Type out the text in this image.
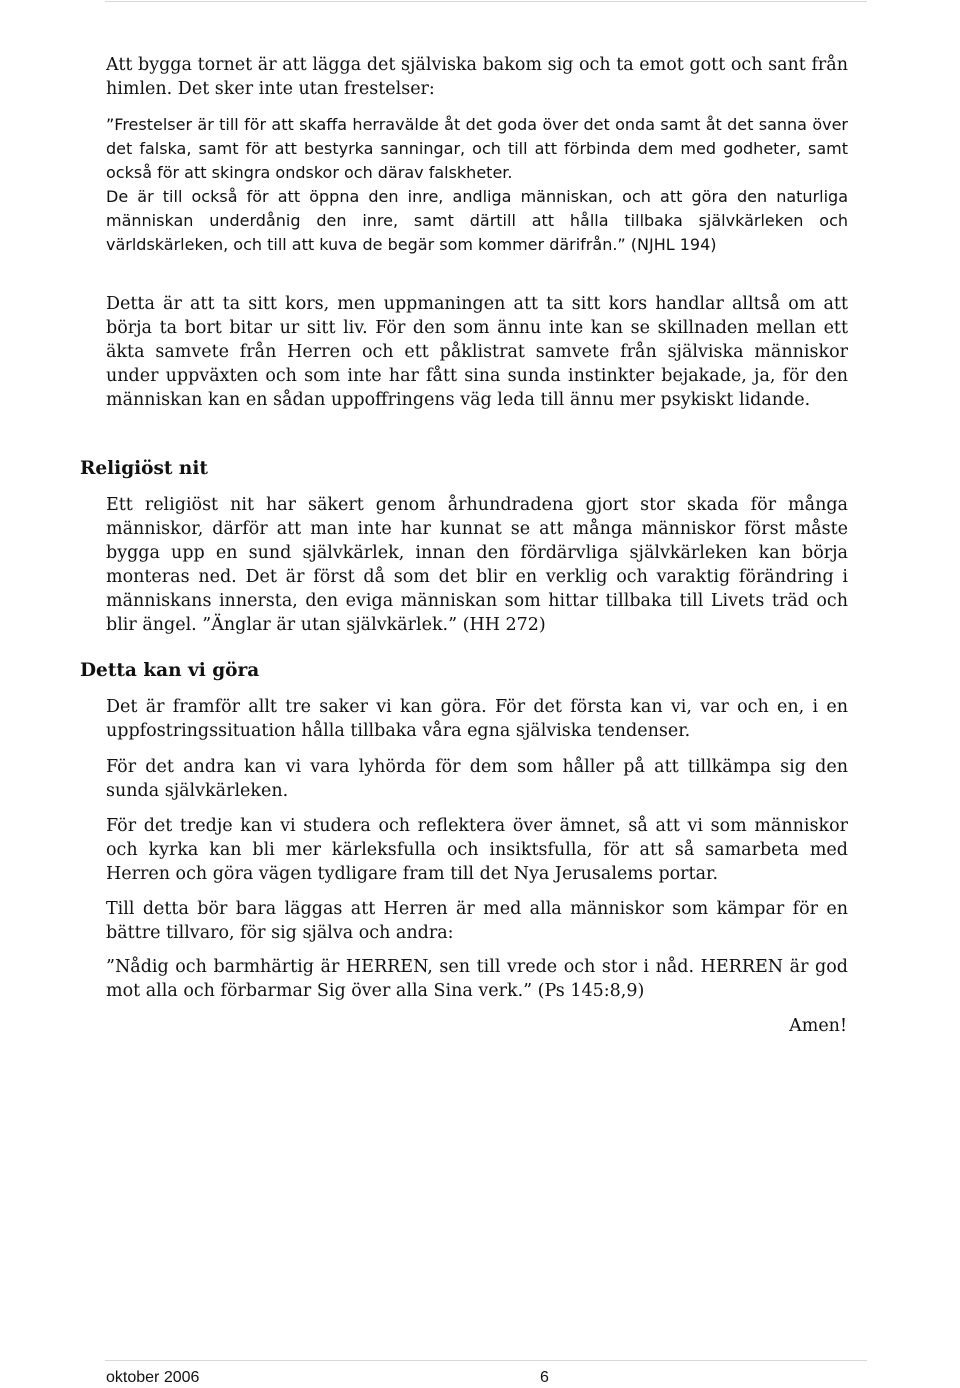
Att bygga tornet är att lägga det själviska bakom sig och ta emot gott och sant från himlen. Det sker inte utan frestelser:

”Frestelser är till för att skaffa herravälde åt det goda över det onda samt åt det sanna över det falska, samt för att bestyrka sanningar, och till att förbinda dem med godheter, samt också för att skingra ondskor och därav falskheter.

De är till också för att öppna den inre, andliga människan, och att göra den naturliga människan underdånig den inre, samt därtill att hålla tillbaka självkärleken och världskärleken, och till att kuva de begär som kommer därifrån.” (NJHL 194)

Detta är att ta sitt kors, men uppmaningen att ta sitt kors handlar alltså om att börja ta bort bitar ur sitt liv. För den som ännu inte kan se skillnaden mellan ett äkta samvete från Herren och ett påklistrat samvete från själviska människor under uppväxten och som inte har fått sina sunda instinkter bejakade, ja, för den människan kan en sådan uppoffringens väg leda till ännu mer psykiskt lidande.

Religiöst nit

Ett religiöst nit har säkert genom århundradena gjort stor skada för många människor, därför att man inte har kunnat se att många människor först måste bygga upp en sund självkärlek, innan den fördärvliga självkärleken kan börja monteras ned. Det är först då som det blir en verklig och varaktig förändring i människans innersta, den eviga människan som hittar tillbaka till Livets träd och blir ängel. ”Änglar är utan självkärlek.” (HH 272)

Detta kan vi göra

Det är framför allt tre saker vi kan göra. För det första kan vi, var och en, i en uppfostringssituation hålla tillbaka våra egna själviska tendenser.

För det andra kan vi vara lyhörda för dem som håller på att tillkämpa sig den sunda självkärleken.

För det tredje kan vi studera och reflektera över ämnet, så att vi som människor och kyrka kan bli mer kärleksfulla och insiktsfulla, för att så samarbeta med Herren och göra vägen tydligare fram till det Nya Jerusalems portar.

Till detta bör bara läggas att Herren är med alla människor som kämpar för en bättre tillvaro, för sig själva och andra:

”Nådig och barmhärtig är HERREN, sen till vrede och stor i nåd. HERREN är god mot alla och förbarmar Sig över alla Sina verk.” (Ps 145:8,9)

Amen!

oktober 2006	6
